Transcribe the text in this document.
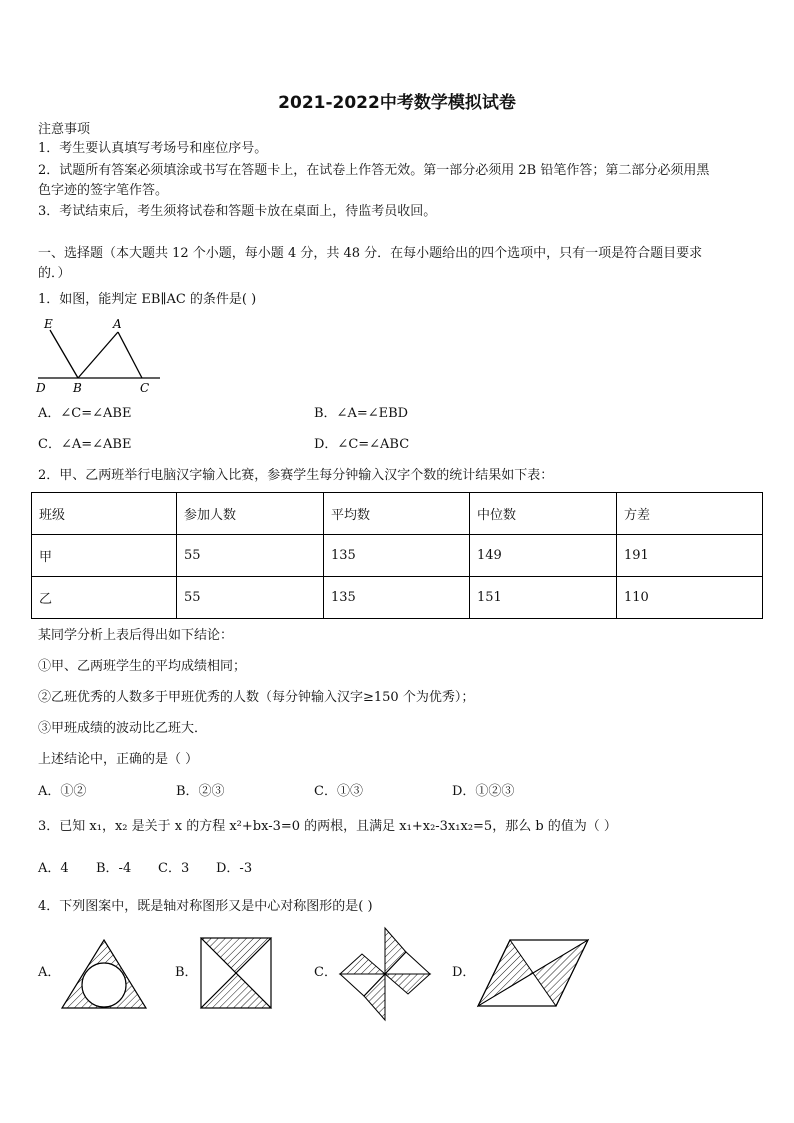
2021-2022中考数学模拟试卷
注意事项
1．考生要认真填写考场号和座位序号。
2．试题所有答案必须填涂或书写在答题卡上，在试卷上作答无效。第一部分必须用 2B 铅笔作答；第二部分必须用黑
色字迹的签字笔作答。
3．考试结束后，考生须将试卷和答题卡放在桌面上，待监考员收回。
一、选择题（本大题共 12 个小题，每小题 4 分，共 48 分．在每小题给出的四个选项中，只有一项是符合题目要求
的．）
1．如图，能判定 EB∥AC 的条件是( )
E	A
D B	C
A．∠C=∠ABE	B．∠A=∠EBD
C．∠A=∠ABE	D．∠C=∠ABC
2．甲、乙两班举行电脑汉字输入比赛，参赛学生每分钟输入汉字个数的统计结果如下表：
班级	参加人数	平均数	中位数	方差
甲	55	135	149	191
乙	55	135	151	110
某同学分析上表后得出如下结论：
①甲、乙两班学生的平均成绩相同；
②乙班优秀的人数多于甲班优秀的人数（每分钟输入汉字≥150 个为优秀）；
③甲班成绩的波动比乙班大．
上述结论中，正确的是（ ）
A．①②	B．②③	C．①③	D．①②③
3．已知 x₁，x₂ 是关于 x 的方程 x²+bx-3=0 的两根，且满足 x₁+x₂-3x₁x₂=5，那么 b 的值为（ ）
A．4 B．-4 C．3 D．-3
4．下列图案中，既是轴对称图形又是中心对称图形的是( )
A．	B．	C．	D．
